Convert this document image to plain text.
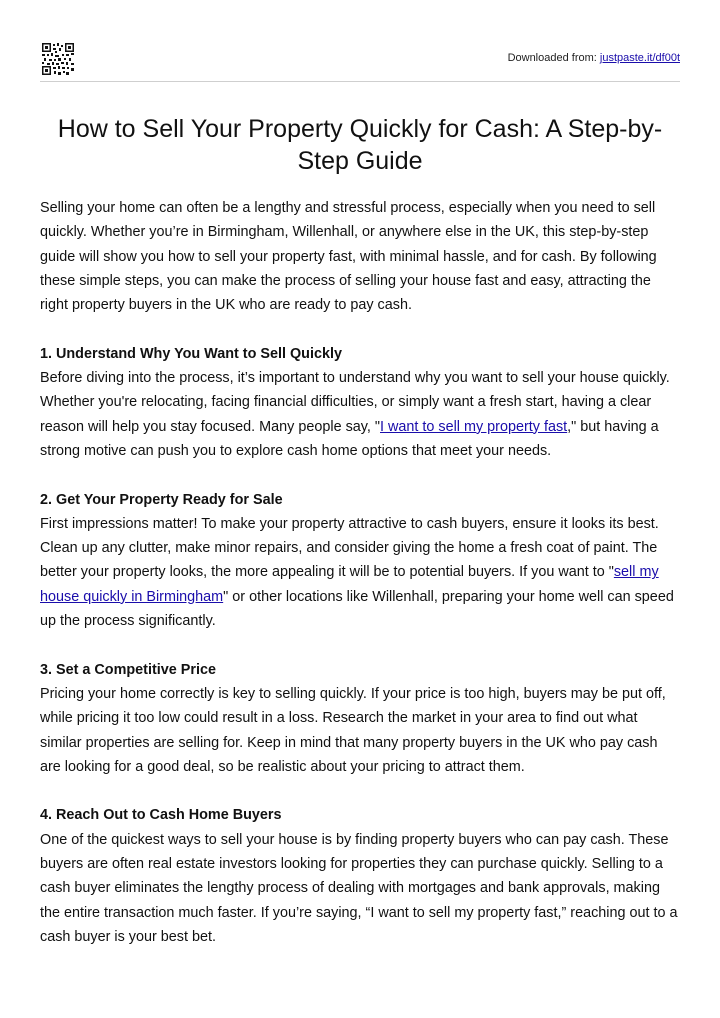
Downloaded from: justpaste.it/df00t
How to Sell Your Property Quickly for Cash: A Step-by-Step Guide

Selling your home can often be a lengthy and stressful process, especially when you need to sell quickly. Whether you’re in Birmingham, Willenhall, or anywhere else in the UK, this step-by-step guide will show you how to sell your property fast, with minimal hassle, and for cash. By following these simple steps, you can make the process of selling your house fast and easy, attracting the right property buyers in the UK who are ready to pay cash.

1. Understand Why You Want to Sell Quickly

Before diving into the process, it’s important to understand why you want to sell your house quickly. Whether you're relocating, facing financial difficulties, or simply want a fresh start, having a clear reason will help you stay focused. Many people say, "I want to sell my property fast," but having a strong motive can push you to explore cash home options that meet your needs.

2. Get Your Property Ready for Sale

First impressions matter! To make your property attractive to cash buyers, ensure it looks its best. Clean up any clutter, make minor repairs, and consider giving the home a fresh coat of paint. The better your property looks, the more appealing it will be to potential buyers. If you want to "sell my house quickly in Birmingham" or other locations like Willenhall, preparing your home well can speed up the process significantly.

3. Set a Competitive Price

Pricing your home correctly is key to selling quickly. If your price is too high, buyers may be put off, while pricing it too low could result in a loss. Research the market in your area to find out what similar properties are selling for. Keep in mind that many property buyers in the UK who pay cash are looking for a good deal, so be realistic about your pricing to attract them.

4. Reach Out to Cash Home Buyers

One of the quickest ways to sell your house is by finding property buyers who can pay cash. These buyers are often real estate investors looking for properties they can purchase quickly. Selling to a cash buyer eliminates the lengthy process of dealing with mortgages and bank approvals, making the entire transaction much faster. If you’re saying, “I want to sell my property fast,” reaching out to a cash buyer is your best bet.
